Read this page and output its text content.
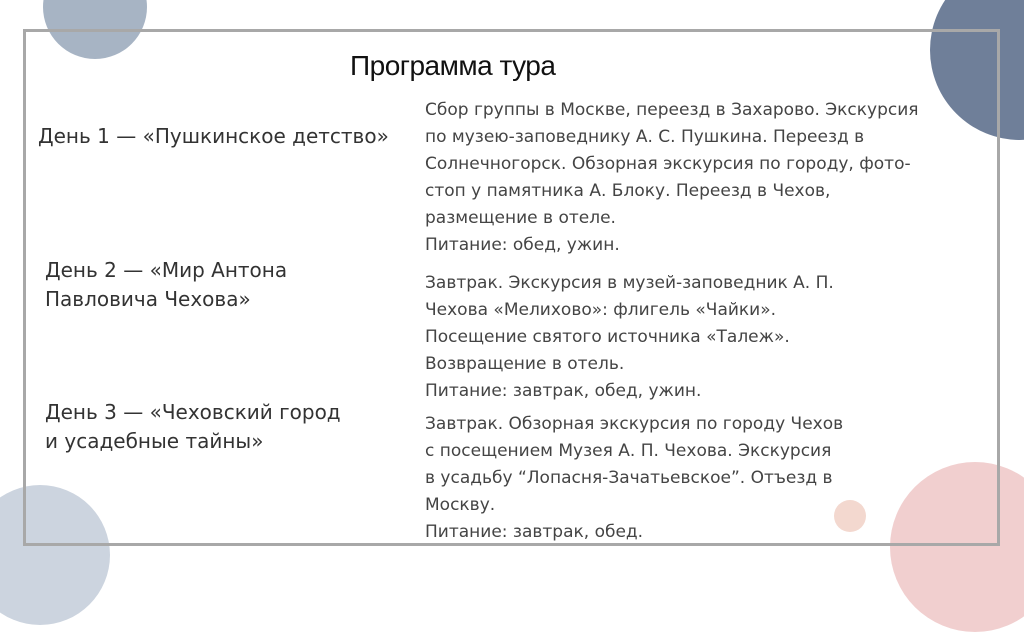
Программа тура
День 1 — «Пушкинское детство»
Сбор группы в Москве, переезд в Захарово. Экскурсия
по музею-заповеднику А. С. Пушкина. Переезд в
Солнечногорск. Обзорная экскурсия по городу, фото-
стоп у памятника А. Блоку. Переезд в Чехов,
размещение в отеле.
Питание: обед, ужин.
День 2 — «Мир Антона
Павловича Чехова»
Завтрак. Экскурсия в музей-заповедник А. П.
Чехова «Мелихово»: флигель «Чайки».
Посещение святого источника «Талеж».
Возвращение в отель.
Питание: завтрак, обед, ужин.
День 3 — «Чеховский город
и усадебные тайны»
Завтрак. Обзорная экскурсия по городу Чехов
с посещением Музея А. П. Чехова. Экскурсия
в усадьбу “Лопасня-Зачатьевское”. Отъезд в
Москву.
Питание: завтрак, обед.
